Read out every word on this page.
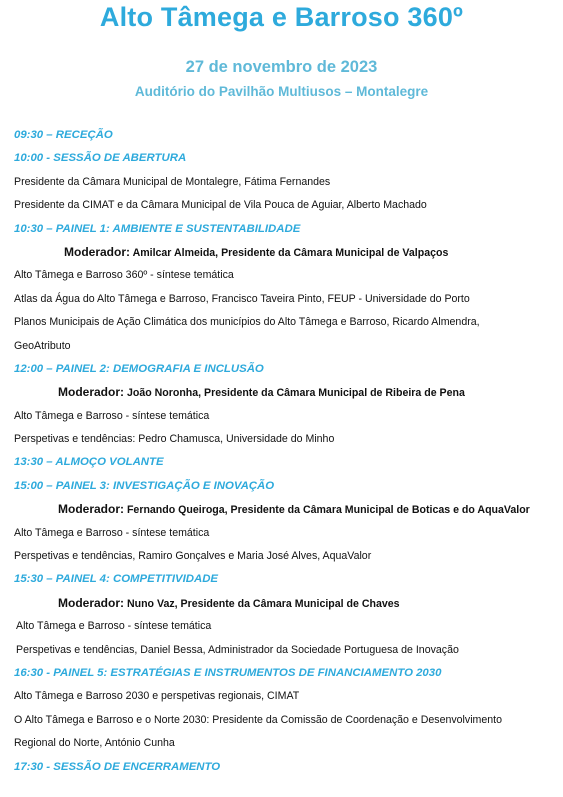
Alto Tâmega e Barroso 360º
27 de novembro de 2023
Auditório do Pavilhão Multiusos – Montalegre
09:30 – RECEÇÃO
10:00 - SESSÃO DE ABERTURA
Presidente da Câmara Municipal de Montalegre, Fátima Fernandes
Presidente da CIMAT e da Câmara Municipal de Vila Pouca de Aguiar, Alberto Machado
10:30 – PAINEL 1: AMBIENTE E SUSTENTABILIDADE
Moderador: Amilcar Almeida, Presidente da Câmara Municipal de Valpaços
Alto Tâmega e Barroso 360º - síntese temática
Atlas da Água do Alto Tâmega e Barroso, Francisco Taveira Pinto, FEUP - Universidade do Porto
Planos Municipais de Ação Climática dos municípios do Alto Tâmega e Barroso, Ricardo Almendra,
GeoAtributo
12:00 – PAINEL 2: DEMOGRAFIA E INCLUSÃO
Moderador: João Noronha, Presidente da Câmara Municipal de Ribeira de Pena
Alto Tâmega e Barroso - síntese temática
Perspetivas e tendências: Pedro Chamusca, Universidade do Minho
13:30 – ALMOÇO VOLANTE
15:00 – PAINEL 3: INVESTIGAÇÃO E INOVAÇÃO
Moderador: Fernando Queiroga, Presidente da Câmara Municipal de Boticas e do AquaValor
Alto Tâmega e Barroso - síntese temática
Perspetivas e tendências, Ramiro Gonçalves e Maria José Alves, AquaValor
15:30 – PAINEL 4: COMPETITIVIDADE
Moderador: Nuno Vaz, Presidente da Câmara Municipal de Chaves
Alto Tâmega e Barroso - síntese temática
Perspetivas e tendências, Daniel Bessa, Administrador da Sociedade Portuguesa de Inovação
16:30 - PAINEL 5: ESTRATÉGIAS E INSTRUMENTOS DE FINANCIAMENTO 2030
Alto Tâmega e Barroso 2030 e perspetivas regionais, CIMAT
O Alto Tâmega e Barroso e o Norte 2030: Presidente da Comissão de Coordenação e Desenvolvimento
Regional do Norte, António Cunha
17:30 - SESSÃO DE ENCERRAMENTO
